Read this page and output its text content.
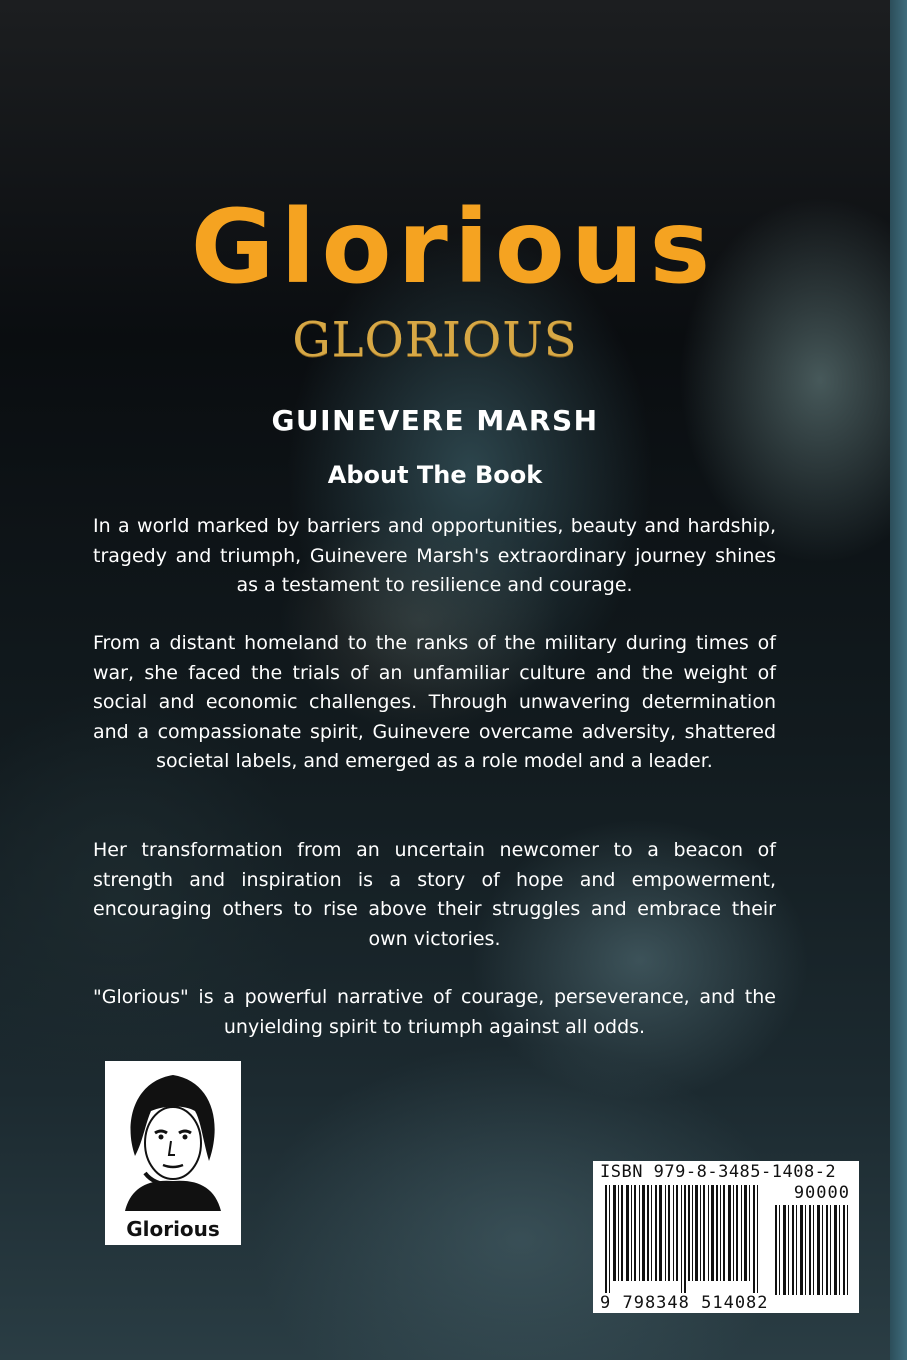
Glorious
GLORIOUS
GUINEVERE MARSH
About The Book

In a world marked by barriers and opportunities, beauty and hardship, tragedy and triumph, Guinevere Marsh's extraordinary journey shines as a testament to resilience and courage.

From a distant homeland to the ranks of the military during times of war, she faced the trials of an unfamiliar culture and the weight of social and economic challenges. Through unwavering determination and a compassionate spirit, Guinevere overcame adversity, shattered societal labels, and emerged as a role model and a leader.

Her transformation from an uncertain newcomer to a beacon of strength and inspiration is a story of hope and empowerment, encouraging others to rise above their struggles and embrace their own victories.

"Glorious" is a powerful narrative of courage, perseverance, and the unyielding spirit to triumph against all odds.

Glorious
ISBN 979-8-3485-1408-2
90000
9 798348 514082
